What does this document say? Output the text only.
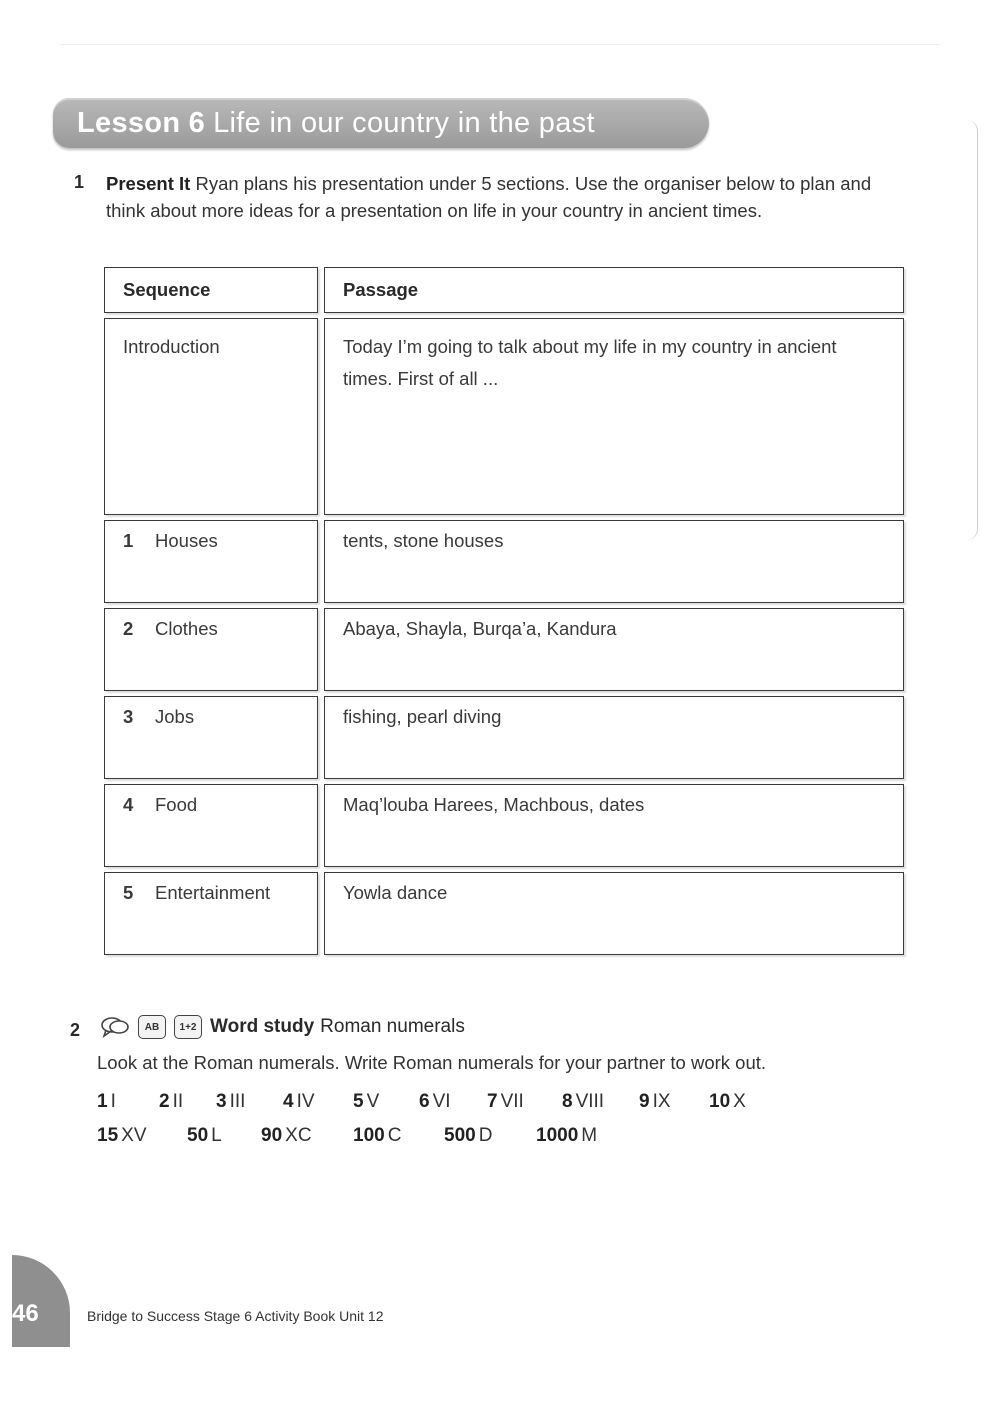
Lesson 6 Life in our country in the past
1 Present It Ryan plans his presentation under 5 sections. Use the organiser below to plan and think about more ideas for a presentation on life in your country in ancient times.
Sequence	Passage
Introduction	Today I’m going to talk about my life in my country in ancient times. First of all ...
1 Houses	tents, stone houses
2 Clothes	Abaya, Shayla, Burqa’a, Kandura
3 Jobs	fishing, pearl diving
4 Food	Maq’louba Harees, Machbous, dates
5 Entertainment	Yowla dance
2	AB	1+2 Word study Roman numerals
Look at the Roman numerals. Write Roman numerals for your partner to work out.
1 I	2 II	3 III	4 IV	5 V	6 VI	7 VII	8 VIII	9 IX	10 X
15 XV	50 L	90 XC	100 C	500 D	1000 M
46	Bridge to Success Stage 6 Activity Book Unit 12
